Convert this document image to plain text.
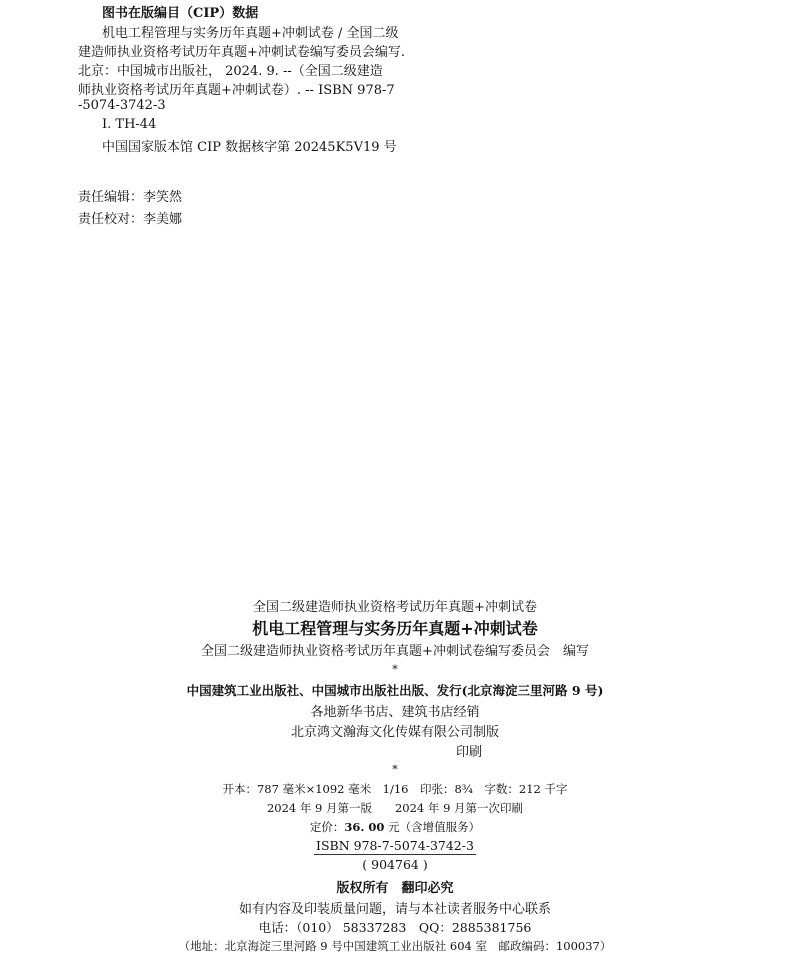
图书在版编目（CIP）数据
机电工程管理与实务历年真题+冲刺试卷 / 全国二级
建造师执业资格考试历年真题+冲刺试卷编写委员会编写.
北京：中国城市出版社， 2024. 9. --（全国二级建造
师执业资格考试历年真题+冲刺试卷）. -- ISBN 978-7
-5074-3742-3
Ⅰ. TH-44
中国国家版本馆 CIP 数据核字第 20245K5V19 号
责任编辑：李笑然
责任校对：李美娜
全国二级建造师执业资格考试历年真题+冲刺试卷
机电工程管理与实务历年真题+冲刺试卷
全国二级建造师执业资格考试历年真题+冲刺试卷编写委员会　编写
*
中国建筑工业出版社、中国城市出版社出版、发行(北京海淀三里河路 9 号)
各地新华书店、建筑书店经销
北京鸿文瀚海文化传媒有限公司制版
印刷
*
开本：787 毫米×1092 毫米　1/16　印张：8¾　字数：212 千字
2024 年 9 月第一版　　2024 年 9 月第一次印刷
定价：36. 00 元（含增值服务）
ISBN 978-7-5074-3742-3
( 904764 )
版权所有　翻印必究
如有内容及印装质量问题，请与本社读者服务中心联系
电话：（010） 58337283　QQ：2885381756
（地址：北京海淀三里河路 9 号中国建筑工业出版社 604 室　邮政编码：100037）
